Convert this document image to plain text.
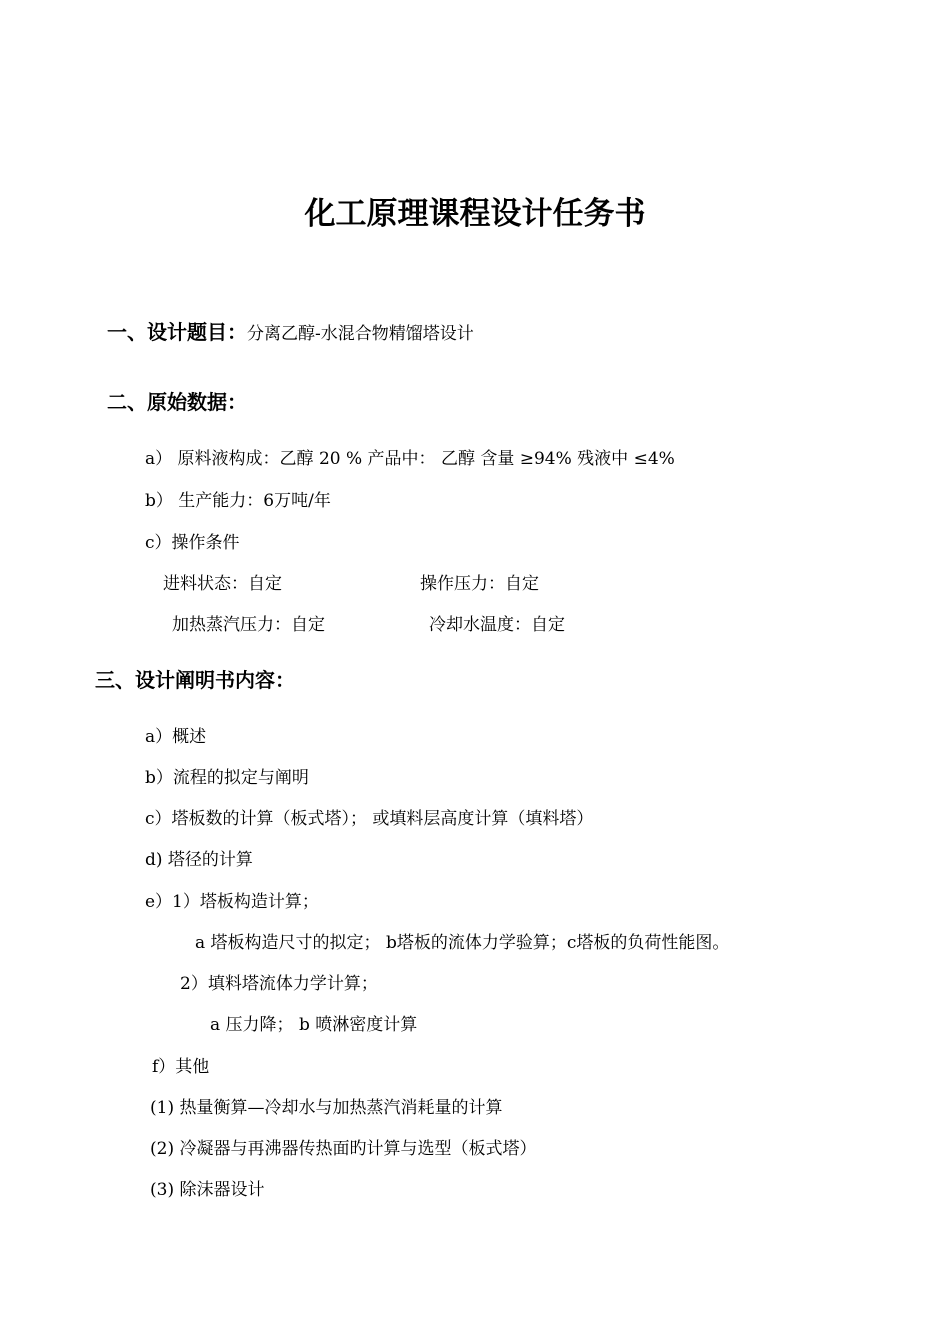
化工原理课程设计任务书
一、设计题目：分离乙醇-水混合物精馏塔设计
二、原始数据：
a） 原料液构成：乙醇 20 % 产品中： 乙醇 含量 ≥94% 残液中 ≤4%
b） 生产能力：6万吨/年
c）操作条件
进料状态：自定	操作压力：自定
加热蒸汽压力：自定	冷却水温度：自定
三、设计阐明书内容：
a）概述
b）流程的拟定与阐明
c）塔板数的计算（板式塔）； 或填料层高度计算（填料塔）
d) 塔径的计算
e）1）塔板构造计算；
a 塔板构造尺寸的拟定； b塔板的流体力学验算；c塔板的负荷性能图。
2）填料塔流体力学计算；
a 压力降； b 喷淋密度计算
f）其他
(1) 热量衡算—冷却水与加热蒸汽消耗量的计算
(2) 冷凝器与再沸器传热面旳计算与选型（板式塔）
(3) 除沫器设计
